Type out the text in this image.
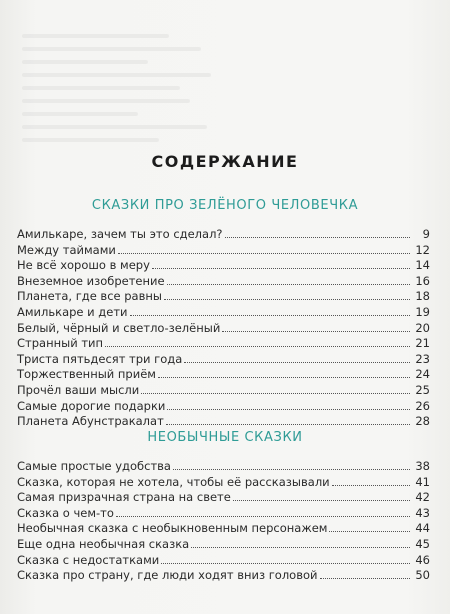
СОДЕРЖАНИЕ
СКАЗКИ ПРО ЗЕЛЁНОГО ЧЕЛОВЕЧКА
Амилькаре, зачем ты это сделал?	9
Между таймами	12
Не всё хорошо в меру	14
Внеземное изобретение	16
Планета, где все равны	18
Амилькаре и дети	19
Белый, чёрный и светло-зелёный	20
Странный тип	21
Триста пятьдесят три года	23
Торжественный приём	24
Прочёл ваши мысли	25
Самые дорогие подарки	26
Планета Абунстракалат	28
НЕОБЫЧНЫЕ СКАЗКИ
Самые простые удобства	38
Сказка, которая не хотела, чтобы её рассказывали	41
Самая призрачная страна на свете	42
Сказка о чем-то	43
Необычная сказка с необыкновенным персонажем	44
Еще одна необычная сказка	45
Сказка с недостатками	46
Сказка про страну, где люди ходят вниз головой	50
